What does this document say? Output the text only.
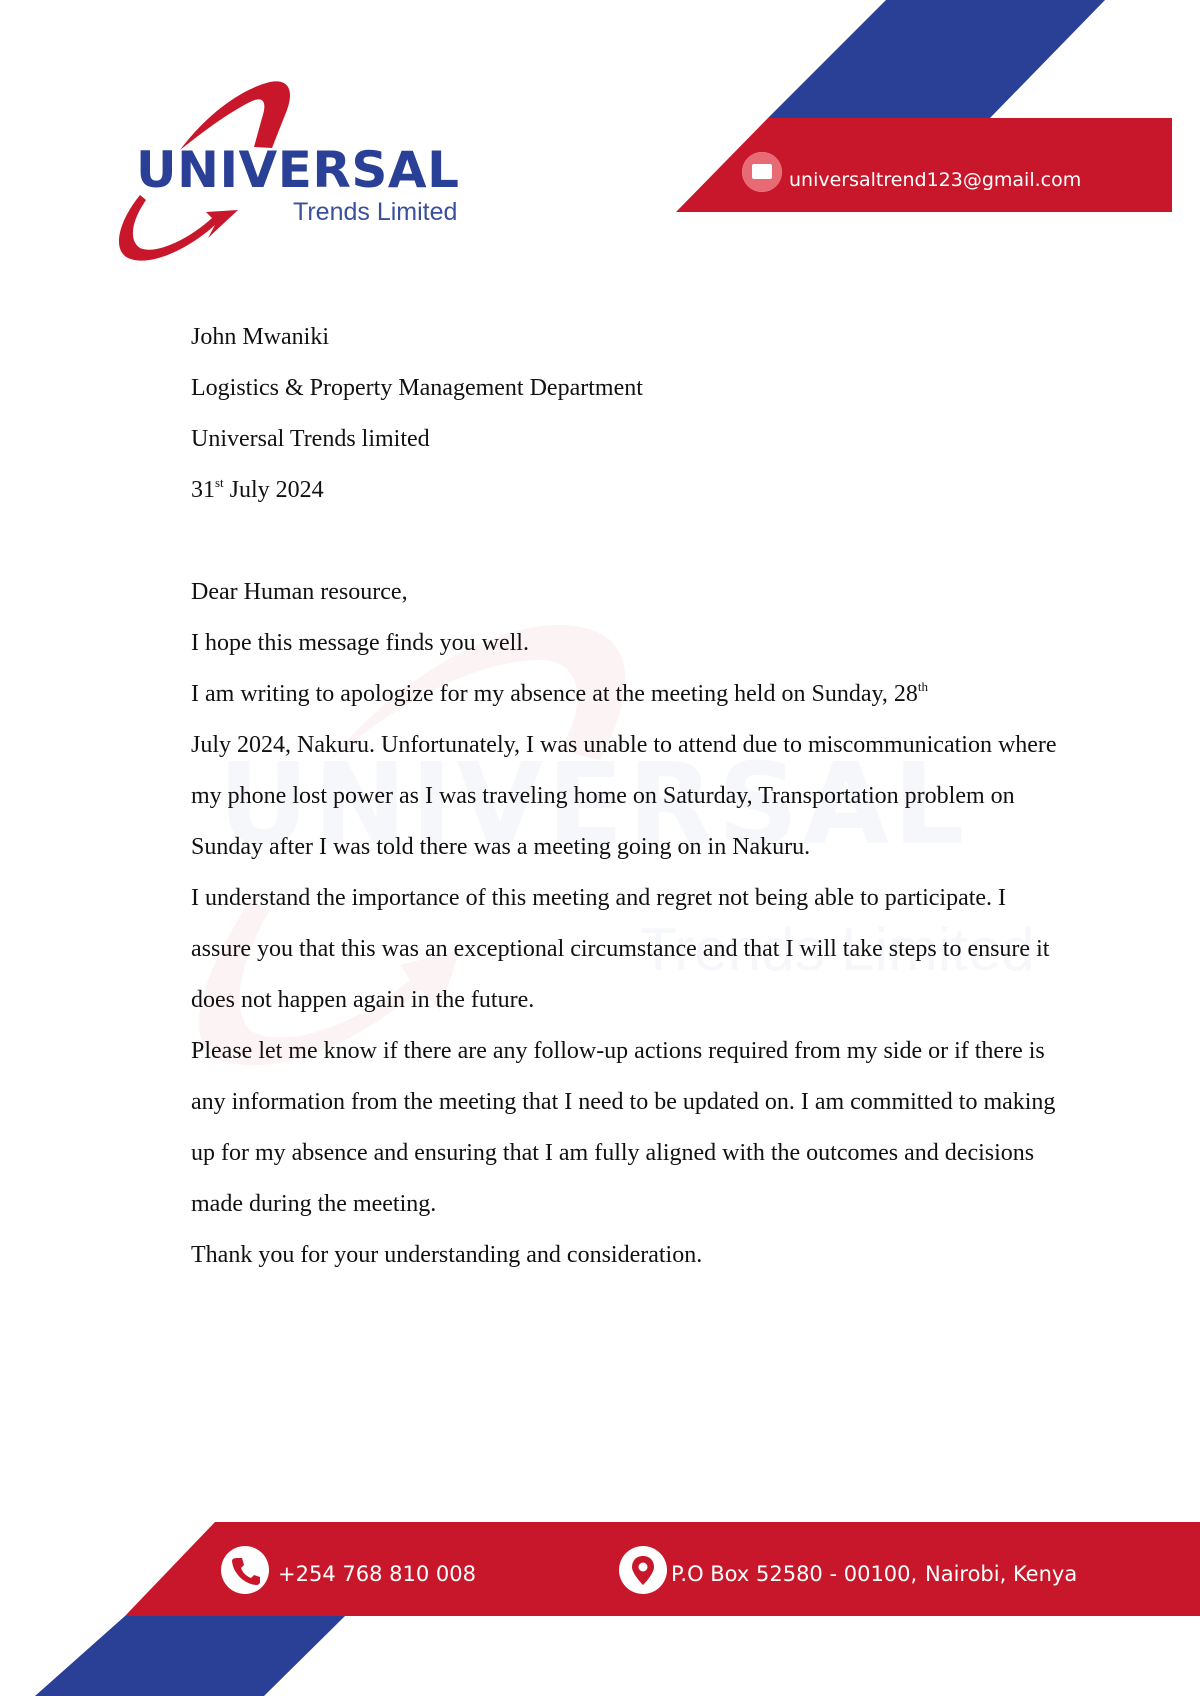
UNIVERSAL
Trends Limited
universaltrend123@gmail.com

John Mwaniki

Logistics & Property Management Department

Universal Trends limited

31st July 2024

Dear Human resource,

I hope this message finds you well.

I am writing to apologize for my absence at the meeting held on Sunday, 28th
July 2024, Nakuru. Unfortunately, I was unable to attend due to miscommunication where my phone lost power as I was traveling home on Saturday, Transportation problem on Sunday after I was told there was a meeting going on in Nakuru.

I understand the importance of this meeting and regret not being able to participate. I assure you that this was an exceptional circumstance and that I will take steps to ensure it does not happen again in the future.

Please let me know if there are any follow-up actions required from my side or if there is any information from the meeting that I need to be updated on. I am committed to making up for my absence and ensuring that I am fully aligned with the outcomes and decisions made during the meeting.

Thank you for your understanding and consideration.

+254 768 810 008	P.O Box 52580 - 00100, Nairobi, Kenya
